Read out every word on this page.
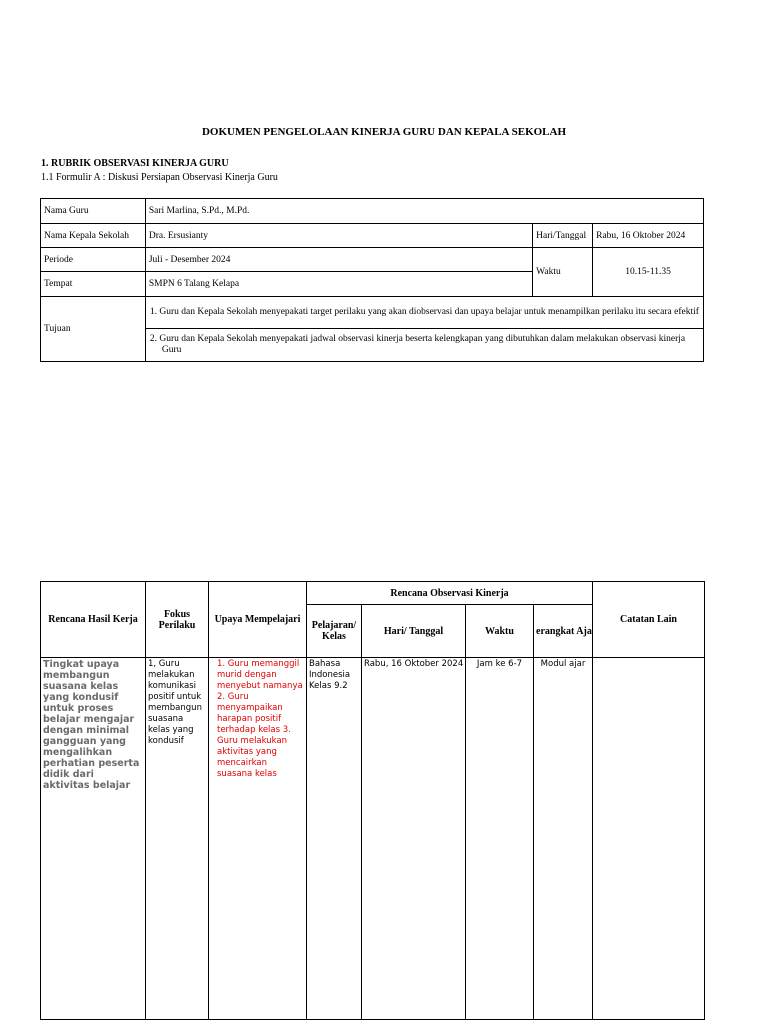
DOKUMEN PENGELOLAAN KINERJA GURU DAN KEPALA SEKOLAH
1. RUBRIK OBSERVASI KINERJA GURU
1.1 Formulir A : Diskusi Persiapan Observasi Kinerja Guru
Nama Guru	Sari Marlina, S.Pd., M.Pd.		
Nama Kepala Sekolah	Dra. Ersusianty	Hari/Tanggal	Rabu, 16 Oktober 2024
Periode	Juli - Desember 2024	Waktu	10.15-11.35
Tempat	SMPN 6 Talang Kelapa		
Tujuan	1. Guru dan Kepala Sekolah menyepakati target perilaku yang akan diobservasi dan upaya belajar untuk menampilkan perilaku itu secara efektif		
	2. Guru dan Kepala Sekolah menyepakati jadwal observasi kinerja beserta kelengkapan yang dibutuhkan dalam melakukan observasi kinerja Guru		
Rencana Hasil Kerja	Fokus Perilaku	Upaya Mempelajari	Rencana Observasi Kinerja				Catatan Lain
			Pelajaran/ Kelas	Hari/ Tanggal	Waktu	erangkat Aja	
Tingkat upaya membangun suasana kelas yang kondusif untuk proses belajar mengajar dengan minimal gangguan yang mengalihkan perhatian peserta didik dari aktivitas belajar	1, Guru melakukan komunikasi positif untuk membangun suasana kelas yang kondusif	1. Guru memanggil murid dengan menyebut namanya 2. Guru menyampaikan harapan positif terhadap kelas 3. Guru melakukan aktivitas yang mencairkan suasana kelas	Bahasa Indonesia Kelas 9.2	Rabu, 16 Oktober 2024	Jam ke 6-7	Modul ajar	
